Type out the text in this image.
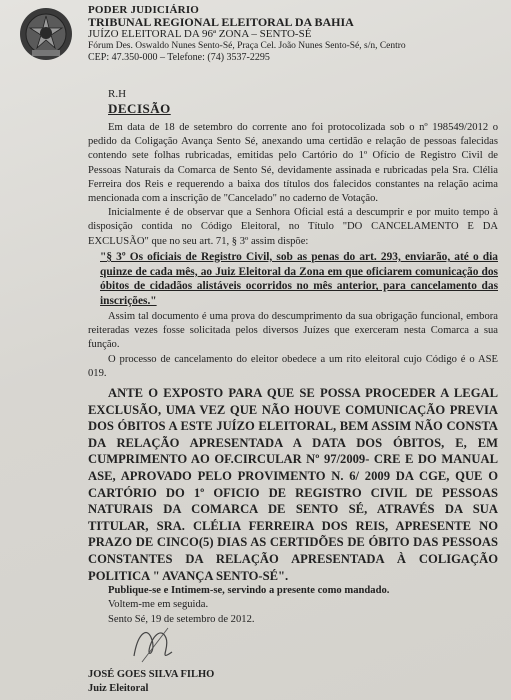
PODER JUDICIÁRIO
TRIBUNAL REGIONAL ELEITORAL DA BAHIA
JUÍZO ELEITORAL DA 96ª ZONA – SENTO-SÉ
Fórum Des. Oswaldo Nunes Sento-Sé, Praça Cel. João Nunes Sento-Sé, s/n, Centro
CEP: 47.350-000 – Telefone: (74) 3537-2295
R.H
DECISÃO

Em data de 18 de setembro do corrente ano foi protocolizada sob o nº 198549/2012 o pedido da Coligação Avança Sento Sé, anexando uma certidão e relação de pessoas falecidas contendo sete folhas rubricadas, emitidas pelo Cartório do 1º Ofício de Registro Civil de Pessoas Naturais da Comarca de Sento Sé, devidamente assinada e rubricadas pela Sra. Clélia Ferreira dos Reis e requerendo a baixa dos títulos dos falecidos constantes na relação acima mencionada com a inscrição de "Cancelado" no caderno de Votação.

Inicialmente é de observar que a Senhora Oficial está a descumprir e por muito tempo à disposição contida no Código Eleitoral, no Título "DO CANCELAMENTO E DA EXCLUSÃO" que no seu art. 71, § 3º assim dispõe:

"§ 3º Os oficiais de Registro Civil, sob as penas do art. 293, enviarão, até o dia quinze de cada mês, ao Juiz Eleitoral da Zona em que oficiarem comunicação dos óbitos de cidadãos alistáveis ocorridos no mês anterior, para cancelamento das inscrições."

Assim tal documento é uma prova do descumprimento da sua obrigação funcional, embora reiteradas vezes fosse solicitada pelos diversos Juízes que exerceram nesta Comarca a sua função.

O processo de cancelamento do eleitor obedece a um rito eleitoral cujo Código é o ASE 019.

ANTE O EXPOSTO PARA QUE SE POSSA PROCEDER A LEGAL EXCLUSÃO, UMA VEZ QUE NÃO HOUVE COMUNICAÇÃO PREVIA DOS ÓBITOS A ESTE JUÍZO ELEITORAL, BEM ASSIM NÃO CONSTA DA RELAÇÃO APRESENTADA A DATA DOS ÓBITOS, E, EM CUMPRIMENTO AO OF.CIRCULAR Nº 97/2009- CRE E DO MANUAL ASE, APROVADO PELO PROVIMENTO N. 6/ 2009 DA CGE, QUE O CARTÓRIO DO 1º OFICIO DE REGISTRO CIVIL DE PESSOAS NATURAIS DA COMARCA DE SENTO SÉ, ATRAVÉS DA SUA TITULAR, SRA. CLÉLIA FERREIRA DOS REIS, APRESENTE NO PRAZO DE CINCO(5) DIAS AS CERTIDÕES DE ÓBITO DAS PESSOAS CONSTANTES DA RELAÇÃO APRESENTADA À COLIGAÇÃO POLITICA " AVANÇA SENTO-SÉ".

Publique-se e Intimem-se, servindo a presente como mandado.

Voltem-me em seguida.

Sento Sé, 19 de setembro de 2012.

JOSÉ GOES SILVA FILHO
Juiz Eleitoral
